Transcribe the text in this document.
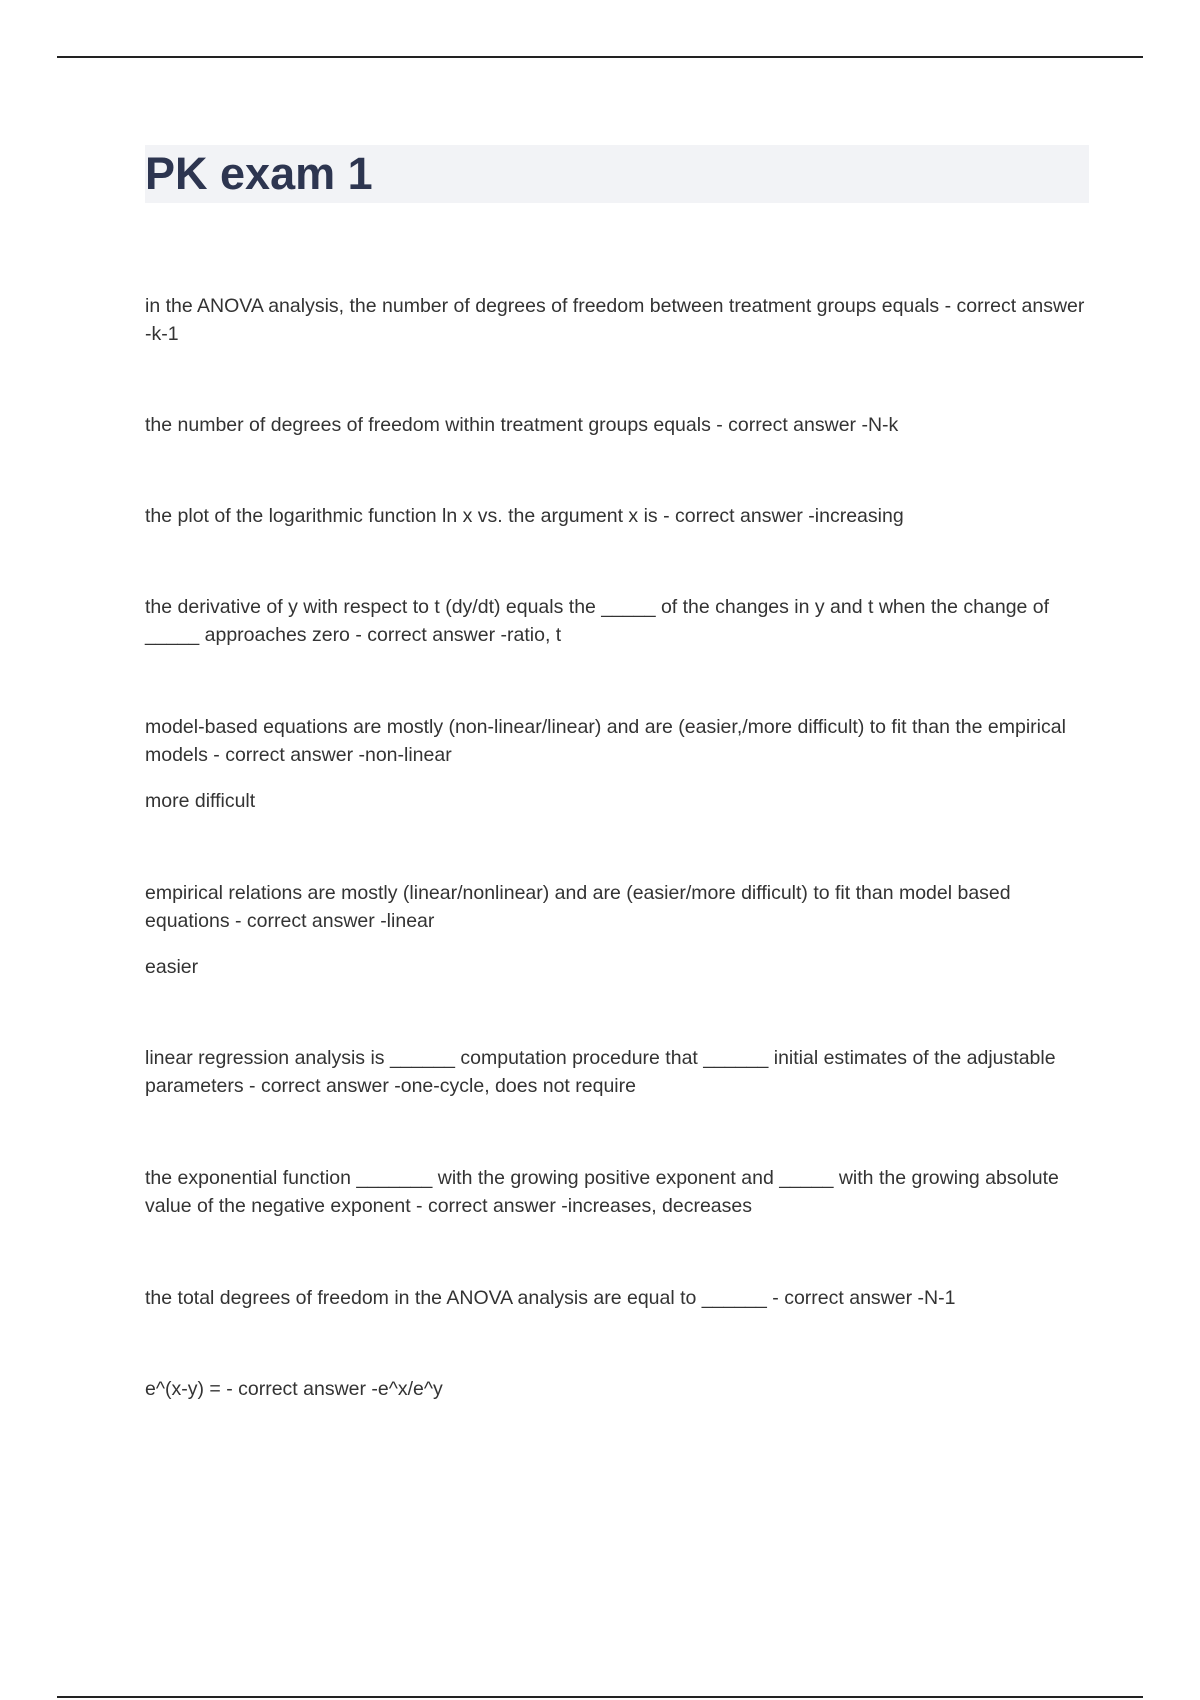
PK exam 1

in the ANOVA analysis, the number of degrees of freedom between treatment groups equals - correct answer -k-1

the number of degrees of freedom within treatment groups equals - correct answer -N-k

the plot of the logarithmic function ln x vs. the argument x is - correct answer -increasing

the derivative of y with respect to t (dy/dt) equals the _____ of the changes in y and t when the change of _____ approaches zero - correct answer -ratio, t

model-based equations are mostly (non-linear/linear) and are (easier,/more difficult) to fit than the empirical models - correct answer -non-linear

more difficult

empirical relations are mostly (linear/nonlinear) and are (easier/more difficult) to fit than model based equations - correct answer -linear

easier

linear regression analysis is ______ computation procedure that ______ initial estimates of the adjustable parameters - correct answer -one-cycle, does not require

the exponential function _______ with the growing positive exponent and _____ with the growing absolute value of the negative exponent - correct answer -increases, decreases

the total degrees of freedom in the ANOVA analysis are equal to ______ - correct answer -N-1

e^(x-y) = - correct answer -e^x/e^y
